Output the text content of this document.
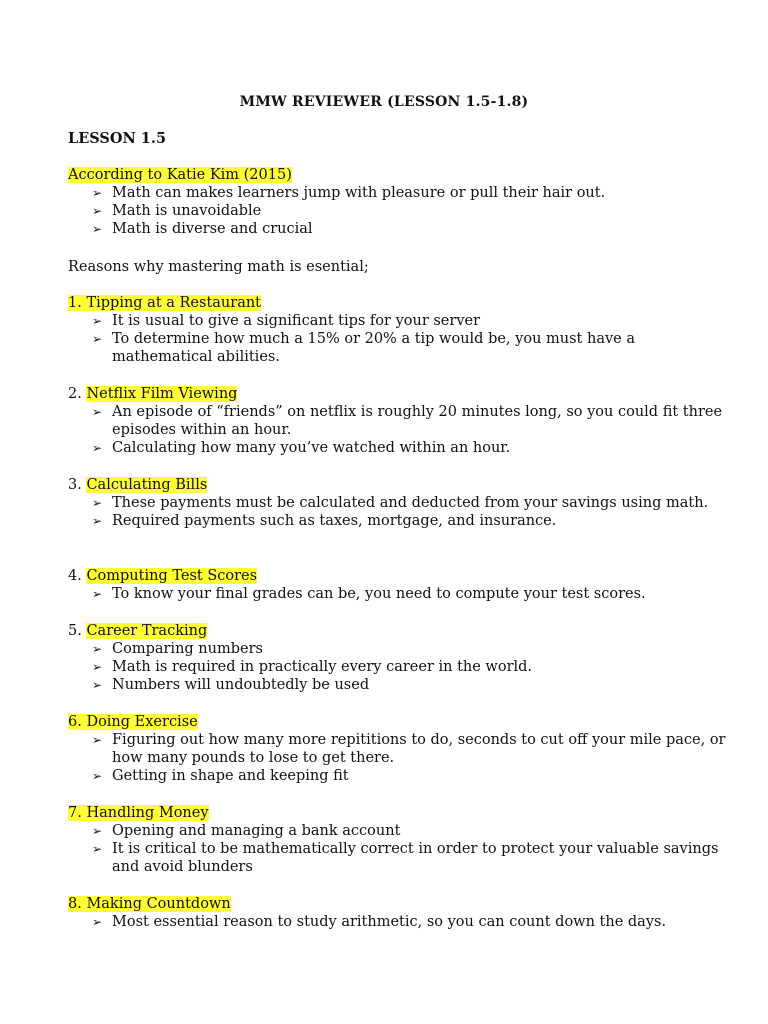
MMW REVIEWER (LESSON 1.5-1.8)
LESSON 1.5
According to Katie Kim (2015)
➢ Math can makes learners jump with pleasure or pull their hair out.
➢ Math is unavoidable
➢ Math is diverse and crucial
Reasons why mastering math is esential;
1. Tipping at a Restaurant
➢ It is usual to give a significant tips for your server
➢ To determine how much a 15% or 20% a tip would be, you must have a mathematical abilities.
2. Netflix Film Viewing
➢ An episode of “friends” on netflix is roughly 20 minutes long, so you could fit three episodes within an hour.
➢ Calculating how many you’ve watched within an hour.
3. Calculating Bills
➢ These payments must be calculated and deducted from your savings using math.
➢ Required payments such as taxes, mortgage, and insurance.
4. Computing Test Scores
➢ To know your final grades can be, you need to compute your test scores.
5. Career Tracking
➢ Comparing numbers
➢ Math is required in practically every career in the world.
➢ Numbers will undoubtedly be used
6. Doing Exercise
➢ Figuring out how many more repititions to do, seconds to cut off your mile pace, or how many pounds to lose to get there.
➢ Getting in shape and keeping fit
7. Handling Money
➢ Opening and managing a bank account
➢ It is critical to be mathematically correct in order to protect your valuable savings and avoid blunders
8. Making Countdown
➢ Most essential reason to study arithmetic, so you can count down the days.
